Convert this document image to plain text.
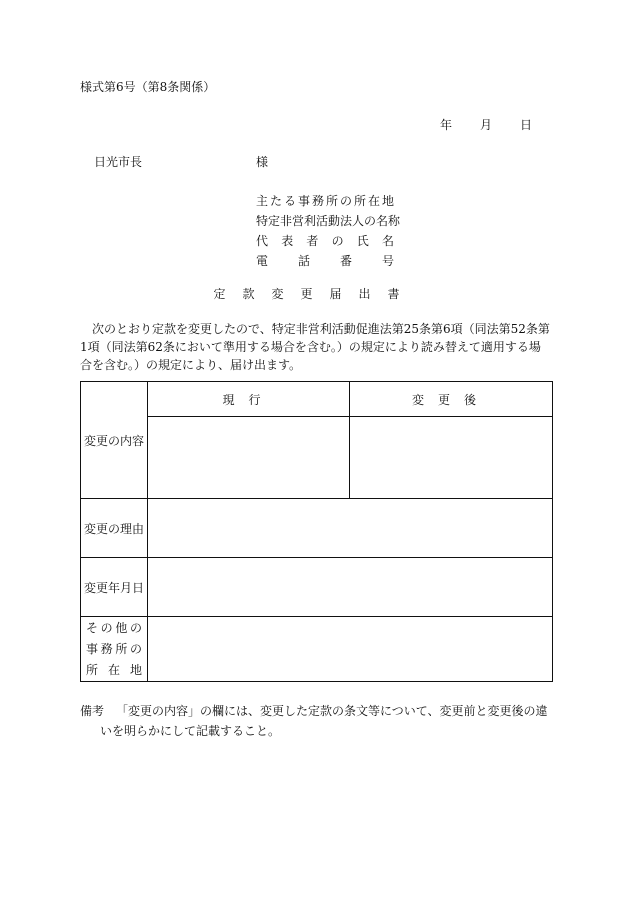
様式第6号（第8条関係）
年 月 日
日光市長	様
主たる事務所の所在地
特定非営利活動法人の名称
代表者の氏名
電話番号
定款変更届出書
次のとおり定款を変更したので、特定非営利活動促進法第25条第6項（同法第52条第1項（同法第62条において準用する場合を含む。）の規定により読み替えて適用する場合を含む。）の規定により、届け出ます。
変更の内容	現行	変更後

変更の理由		
変更年月日		

その他の
事務所の
所在地		

備考 「変更の内容」の欄には、変更した定款の条文等について、変更前と変更後の違いを明らかにして記載すること。
